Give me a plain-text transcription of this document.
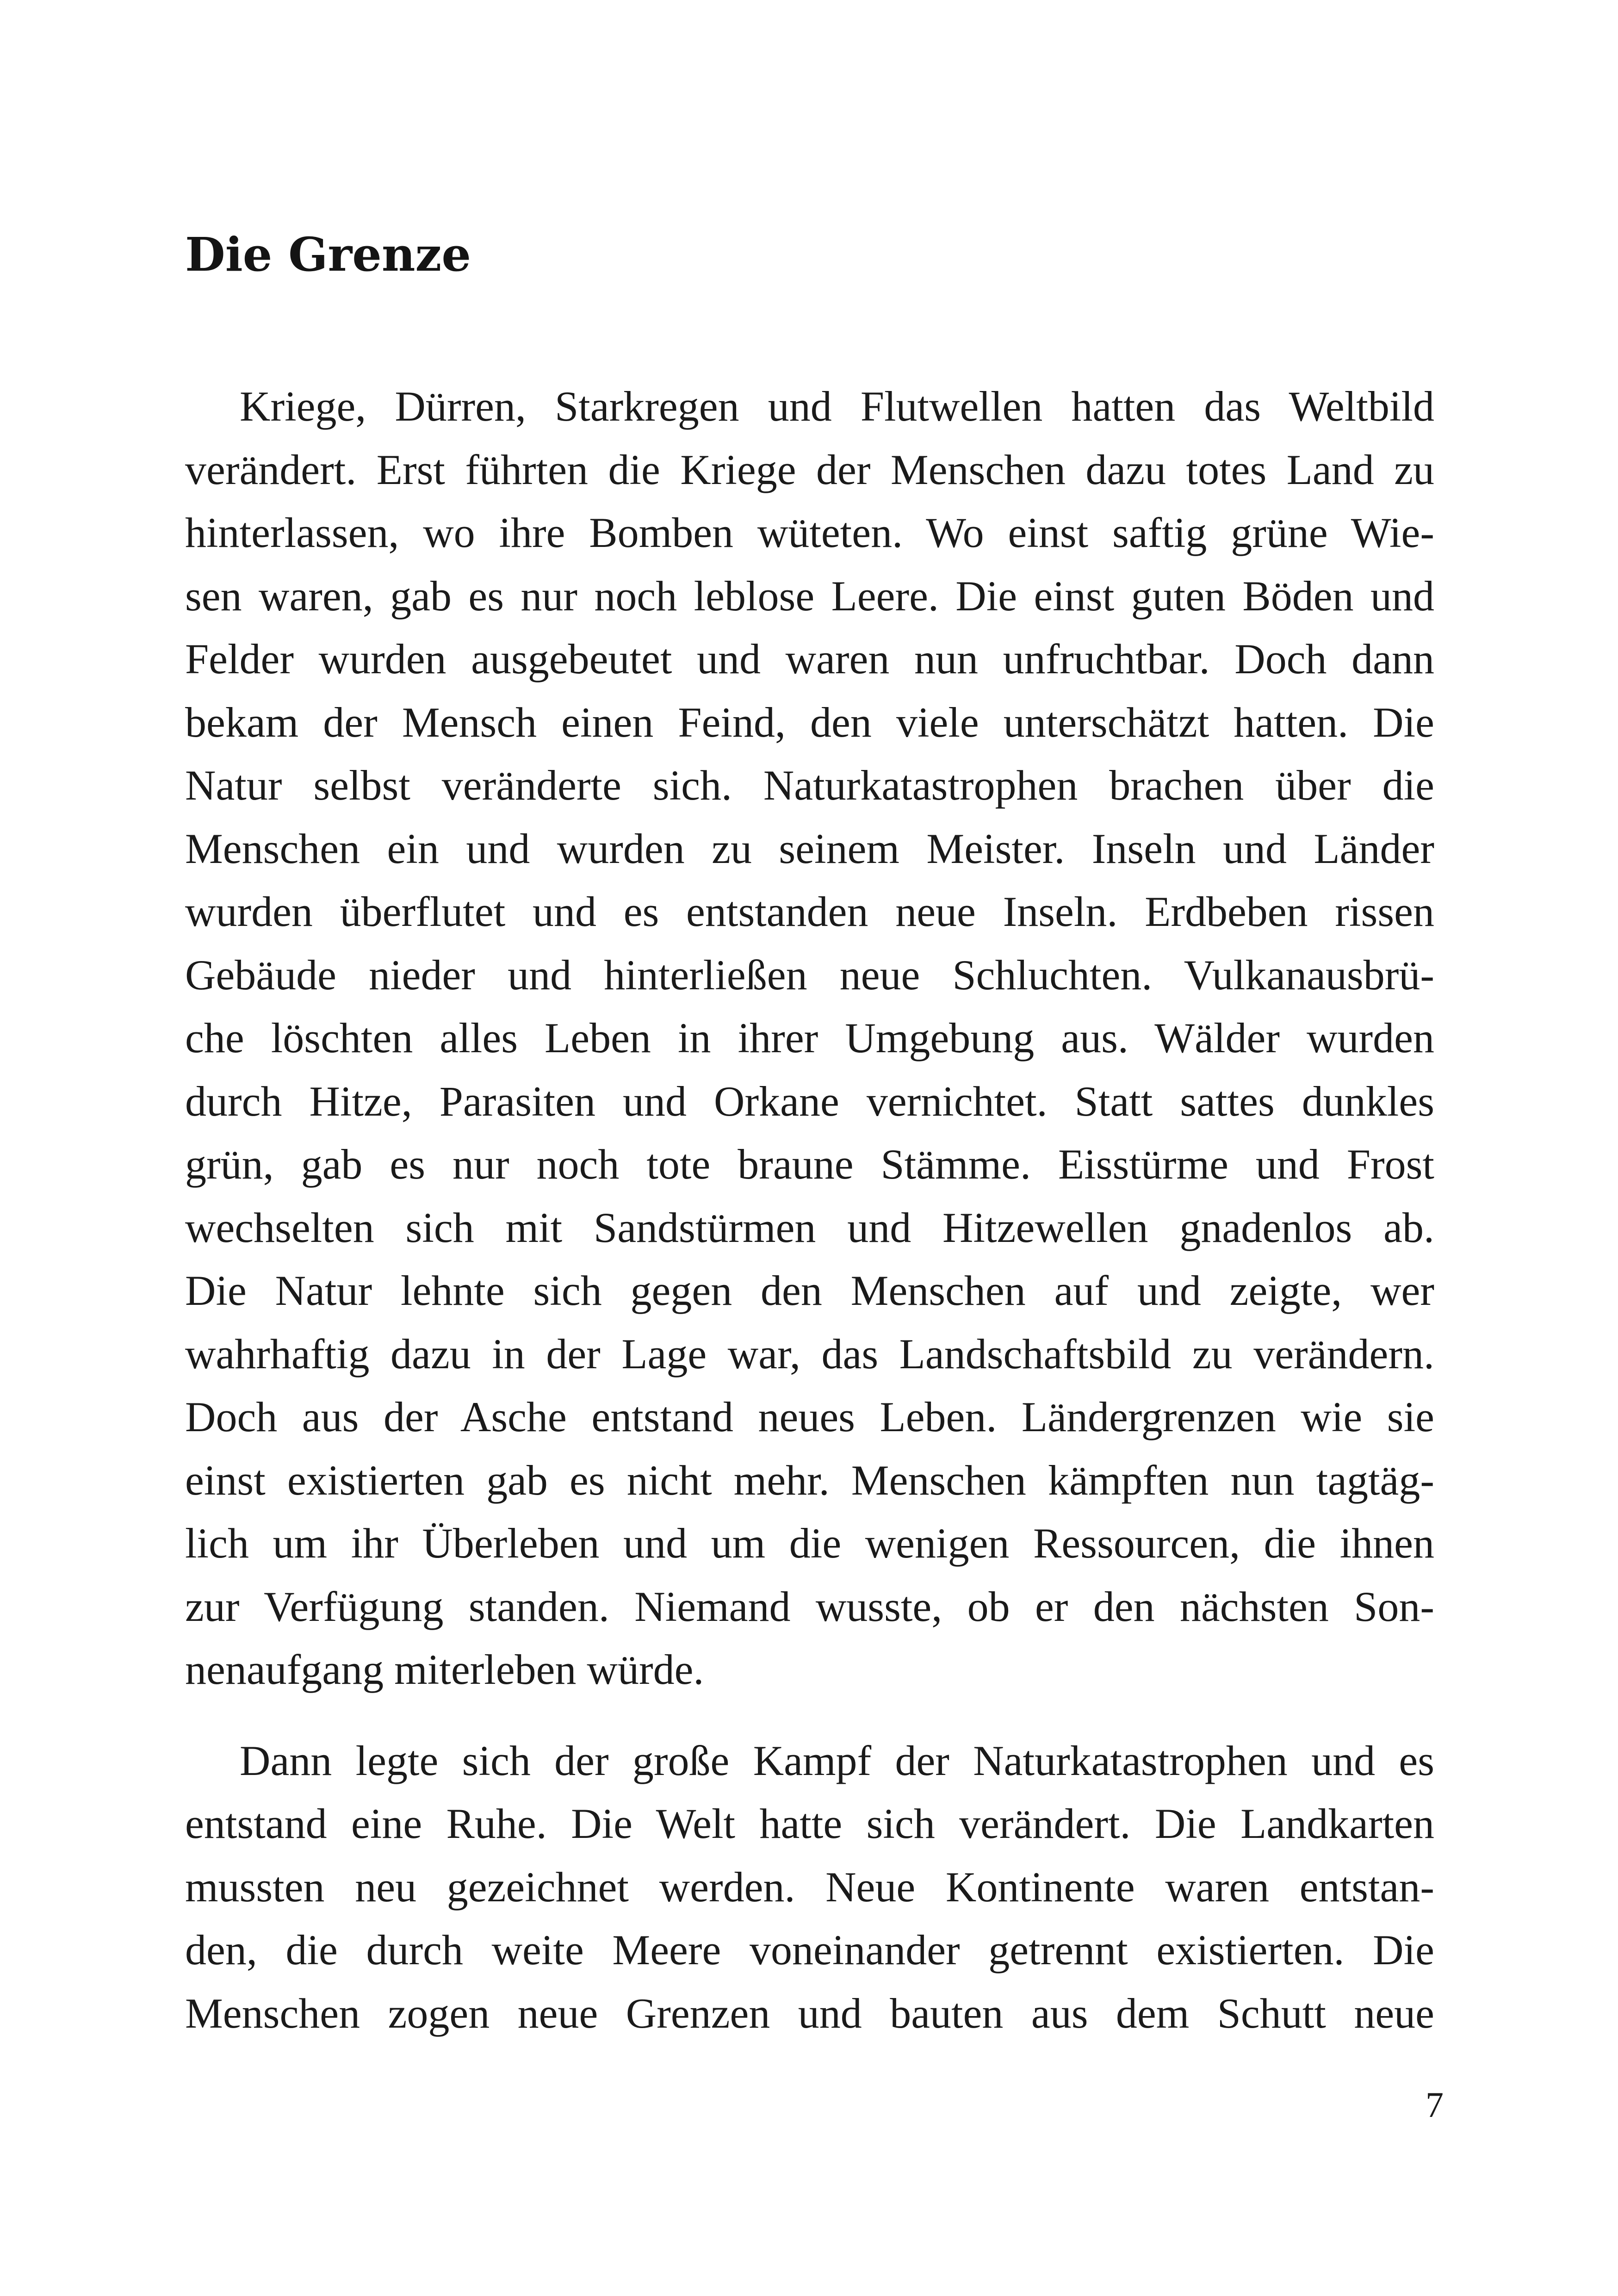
Die Grenze
Kriege, Dürren, Starkregen und Flutwellen hatten das Weltbild
verändert. Erst führten die Kriege der Menschen dazu totes Land zu
hinterlassen, wo ihre Bomben wüteten. Wo einst saftig grüne Wie-
sen waren, gab es nur noch leblose Leere. Die einst guten Böden und
Felder wurden ausgebeutet und waren nun unfruchtbar. Doch dann
bekam der Mensch einen Feind, den viele unterschätzt hatten. Die
Natur selbst veränderte sich. Naturkatastrophen brachen über die
Menschen ein und wurden zu seinem Meister. Inseln und Länder
wurden überflutet und es entstanden neue Inseln. Erdbeben rissen
Gebäude nieder und hinterließen neue Schluchten. Vulkanausbrü-
che löschten alles Leben in ihrer Umgebung aus. Wälder wurden
durch Hitze, Parasiten und Orkane vernichtet. Statt sattes dunkles
grün, gab es nur noch tote braune Stämme. Eisstürme und Frost
wechselten sich mit Sandstürmen und Hitzewellen gnadenlos ab.
Die Natur lehnte sich gegen den Menschen auf und zeigte, wer
wahrhaftig dazu in der Lage war, das Landschaftsbild zu verändern.
Doch aus der Asche entstand neues Leben. Ländergrenzen wie sie
einst existierten gab es nicht mehr. Menschen kämpften nun tagtäg-
lich um ihr Überleben und um die wenigen Ressourcen, die ihnen
zur Verfügung standen. Niemand wusste, ob er den nächsten Son-
nenaufgang miterleben würde.
Dann legte sich der große Kampf der Naturkatastrophen und es
entstand eine Ruhe. Die Welt hatte sich verändert. Die Landkarten
mussten neu gezeichnet werden. Neue Kontinente waren entstan-
den, die durch weite Meere voneinander getrennt existierten. Die
Menschen zogen neue Grenzen und bauten aus dem Schutt neue
7
